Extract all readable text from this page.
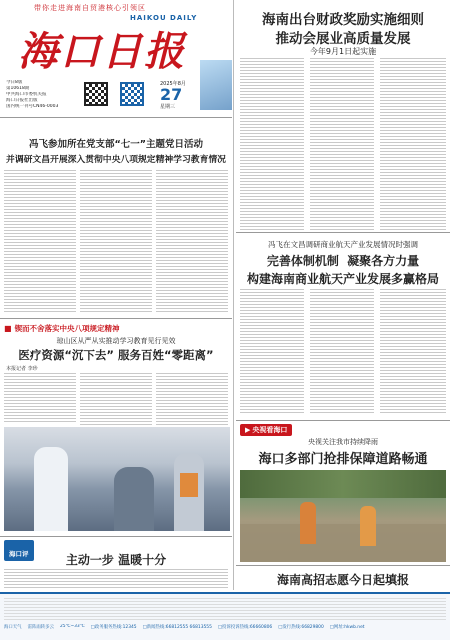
带你走进海南自贸港核心引领区
海口日报
HAIKOU DAILY
今日8版
第10618期
中共海口市委机关报
海口日报社出版
国内统一刊号CN46-0003
2025年8月
27
星期三
海南出台财政奖励实施细则
推动会展业高质量发展
今年9月1日起实施
冯飞参加所在党支部“七一”主题党日活动
并调研文昌开展深入贯彻中央八项规定精神学习教育情况
冯飞在文昌调研商业航天产业发展情况时强调
完善体制机制  凝聚各方力量
构建海南商业航天产业发展多赢格局
■ 锲而不舍落实中央八项规定精神
琼山区从严从实推动学习教育见行见效
医疗资源“沉下去” 服务百姓“零距离”
本报记者 李珍
▶ 央视看海口
央视关注我市持续降雨
海口多部门抢排保障道路畅通
海口评	主动一步 温暖十分
海南高招志愿今日起填报
海口天气 雷阵雨转多云 25℃~33℃ □政务服务热线:12345 □新闻热线:66812555 66813555 □投诉投诉热线:66660806 □发行热线:66829800 □网址:hkwb.net
